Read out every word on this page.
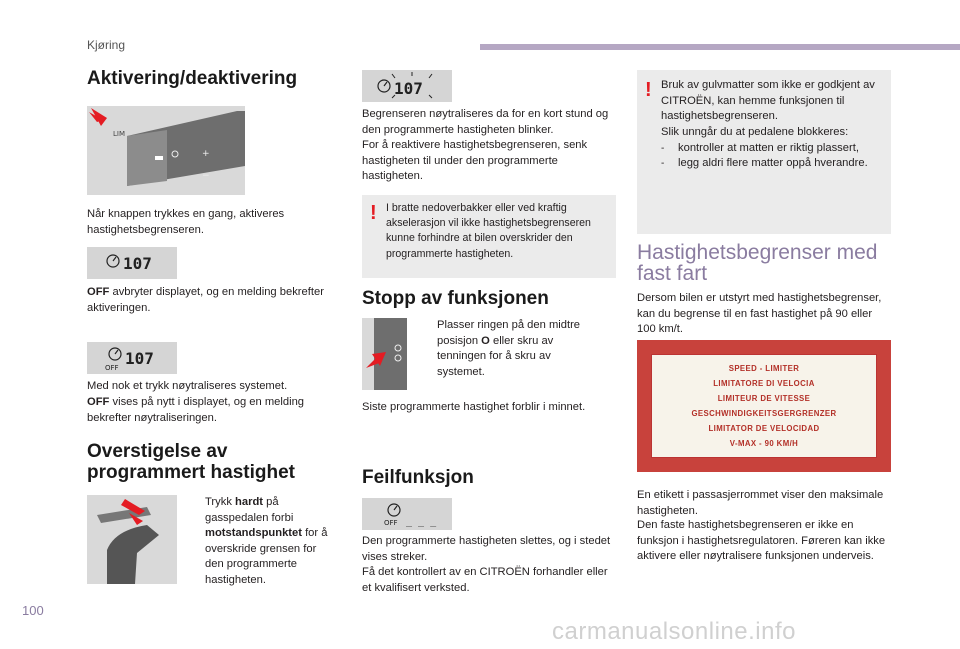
Kjøring
Aktivering/deaktivering
LIM
+
−
Når knappen trykkes en gang, aktiveres hastighetsbegrenseren.
107
OFF avbryter displayet, og en melding bekrefter aktiveringen.
OFF 107
Med nok et trykk nøytraliseres systemet.
OFF vises på nytt i displayet, og en melding bekrefter nøytraliseringen.
Overstigelse av programmert hastighet
Trykk hardt på gasspedalen forbi motstandspunktet for å overskride grensen for den programmerte hastigheten.
107
Begrenseren nøytraliseres da for en kort stund og den programmerte hastigheten blinker.
For å reaktivere hastighetsbegrenseren, senk hastigheten til under den programmerte hastigheten.
! I bratte nedoverbakker eller ved kraftig akselerasjon vil ikke hastighetsbegrenseren kunne forhindre at bilen overskrider den programmerte hastigheten.
Stopp av funksjonen
Plasser ringen på den midtre posisjon O eller skru av tenningen for å skru av systemet.
Siste programmerte hastighet forblir i minnet.
Feilfunksjon
OFF _ _ _
Den programmerte hastigheten slettes, og i stedet vises streker.
Få det kontrollert av en CITROËN forhandler eller et kvalifisert verksted.
! Bruk av gulvmatter som ikke er godkjent av CITROËN, kan hemme funksjonen til hastighetsbegrenseren.
Slik unngår du at pedalene blokkeres:
-	kontroller at matten er riktig plassert,
-	legg aldri flere matter oppå hverandre.
Hastighetsbegrenser med fast fart
Dersom bilen er utstyrt med hastighetsbegrenser, kan du begrense til en fast hastighet på 90 eller 100 km/t.
SPEED - LIMITER
LIMITATORE DI VELOCIA
LIMITEUR DE VITESSE
GESCHWINDIGKEITSGERGRENZER
LIMITATOR DE VELOCIDAD
V-MAX - 90 KM/H
En etikett i passasjerrommet viser den maksimale hastigheten.
Den faste hastighetsbegrenseren er ikke en funksjon i hastighetsregulatoren. Føreren kan ikke aktivere eller nøytralisere funksjonen underveis.
100
carmanualsonline.info
